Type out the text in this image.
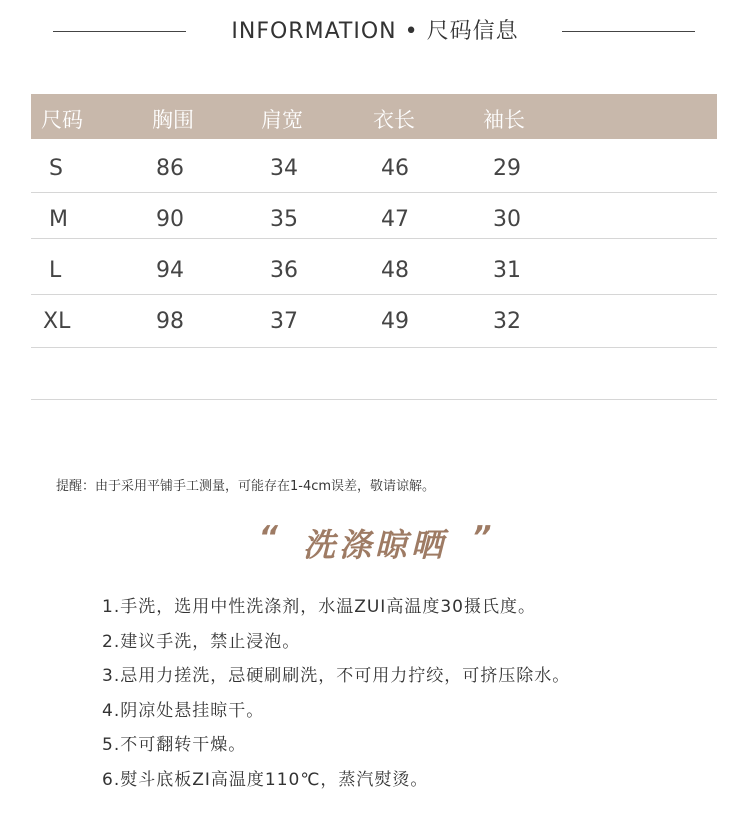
INFORMATION • 尺码信息
尺码	胸围	肩宽	衣长	袖长
S	86	34	46	29
M	90	35	47	30
L	94	36	48	31
XL	98	37	49	32
提醒：由于采用平铺手工测量，可能存在1-4cm误差，敬请谅解。
“ 洗涤晾晒 ”
1.手洗，选用中性洗涤剂，水温ZUI高温度30摄氏度。
2.建议手洗，禁止浸泡。
3.忌用力搓洗，忌硬刷刷洗，不可用力拧绞，可挤压除水。
4.阴凉处悬挂晾干。
5.不可翻转干燥。
6.熨斗底板ZI高温度110℃，蒸汽熨烫。
